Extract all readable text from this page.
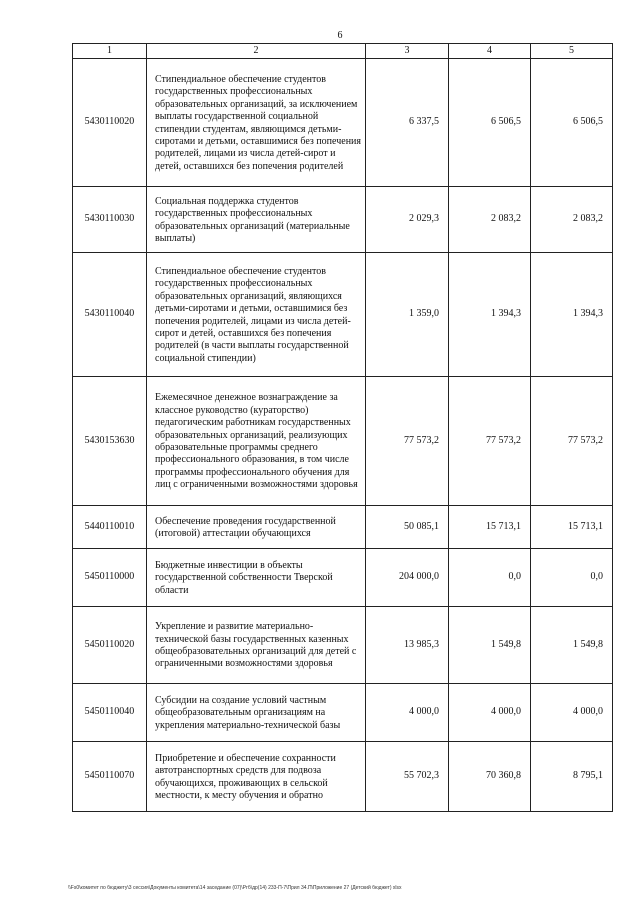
6
1	2	3	4	5
5430110020	Стипендиальное обеспечение студентов государственных профессиональных образовательных организаций, за исключением выплаты государственной социальной стипендии студентам, являющимся детьми-сиротами и детьми, оставшимися без попечения родителей, лицами из числа детей-сирот и детей, оставшихся без попечения родителей	6 337,5	6 506,5	6 506,5
5430110030	Социальная поддержка студентов государственных профессиональных образовательных организаций (материальные выплаты)	2 029,3	2 083,2	2 083,2
5430110040	Стипендиальное обеспечение студентов государственных профессиональных образовательных организаций, являющихся детьми-сиротами и детьми, оставшимися без попечения родителей, лицами из числа детей-сирот и детей, оставшихся без попечения родителей (в части выплаты государственной социальной стипендии)	1 359,0	1 394,3	1 394,3
5430153630	Ежемесячное денежное вознаграждение за классное руководство (кураторство) педагогическим работникам государственных образовательных организаций, реализующих образовательные программы среднего профессионального образования, в том числе программы профессионального обучения для лиц с ограниченными возможностями здоровья	77 573,2	77 573,2	77 573,2
5440110010	Обеспечение проведения государственной (итоговой) аттестации обучающихся	50 085,1	15 713,1	15 713,1
5450110000	Бюджетные инвестиции в объекты государственной собственности Тверской области	204 000,0	0,0	0,0
5450110020	Укрепление и развитие материально-технической базы государственных казенных общеобразовательных организаций для детей с ограниченными возможностями здоровья	13 985,3	1 549,8	1 549,8
5450110040	Субсидии на создание условий частным общеобразовательным организациям на укрепления материально-технической базы	4 000,0	4 000,0	4 000,0
5450110070	Приобретение и обеспечение сохранности автотранспортных средств для подвоза обучающихся, проживающих в сельской местности, к месту обучения и обратно	55 702,3	70 360,8	8 795,1
\\Fs0\комитет по бюджету\3 сессия\Документы комитета\14 заседание (07)\Ргб\др(14) 233-П-7\Прил 34.П\Приложение 27 (Детский бюджет) xlsx
